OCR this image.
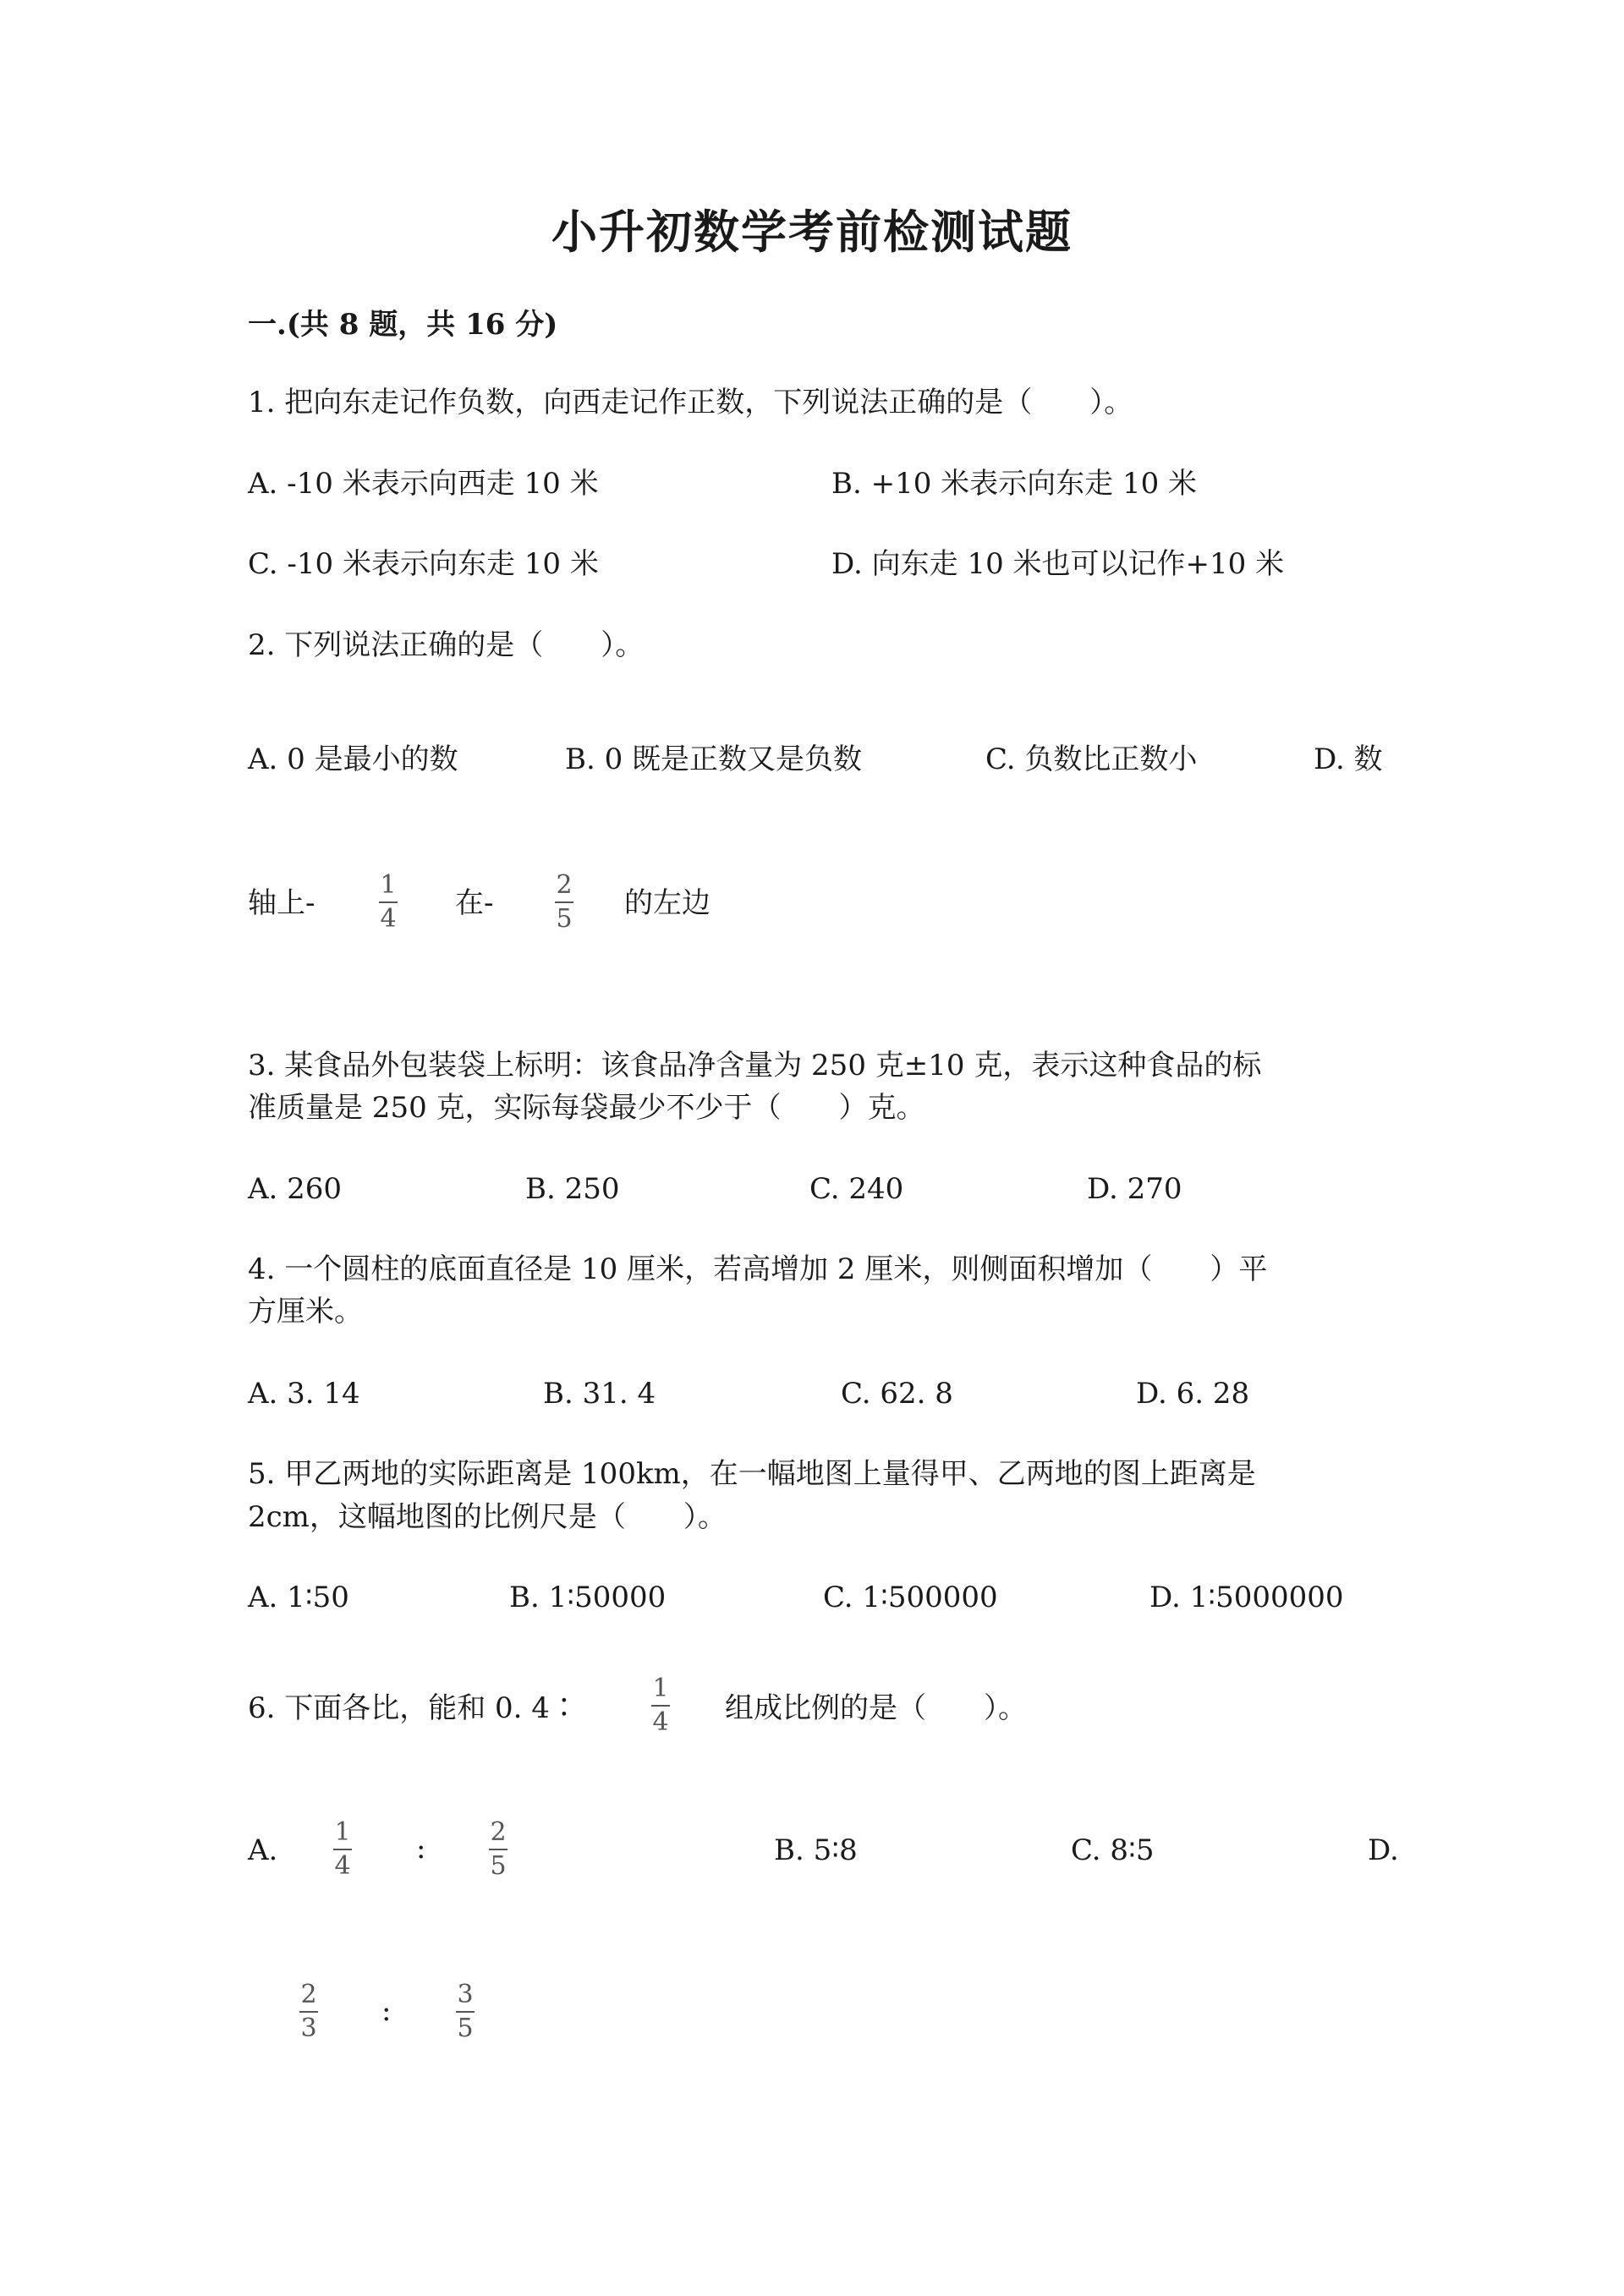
小升初数学考前检测试题
一.(共 8 题，共 16 分)
1. 把向东走记作负数，向西走记作正数，下列说法正确的是（　　）。
A. -10 米表示向西走 10 米	B. +10 米表示向东走 10 米
C. -10 米表示向东走 10 米	D. 向东走 10 米也可以记作+10 米
2. 下列说法正确的是（　　）。
A. 0 是最小的数	B. 0 既是正数又是负数	C. 负数比正数小	D. 数
轴上-
1
4 在-
2
5 的左边
3. 某食品外包装袋上标明：该食品净含量为 250 克±10 克，表示这种食品的标
准质量是 250 克，实际每袋最少不少于（　　）克。
A. 260	B. 250	C. 240	D. 270
4. 一个圆柱的底面直径是 10 厘米，若高增加 2 厘米，则侧面积增加（　　）平
方厘米。
A. 3. 14	B. 31. 4	C. 62. 8	D. 6. 28
5. 甲乙两地的实际距离是 100km，在一幅地图上量得甲、乙两地的图上距离是
2cm，这幅地图的比例尺是（　　）。
A. 1∶50	B. 1∶50000	C. 1∶500000	D. 1∶5000000
6. 下面各比，能和 0. 4∶
1
4 组成比例的是（　　）。
A.
1
4
:	2
5	B. 5∶8	C. 8∶5	D.
2
3
:	3
5
